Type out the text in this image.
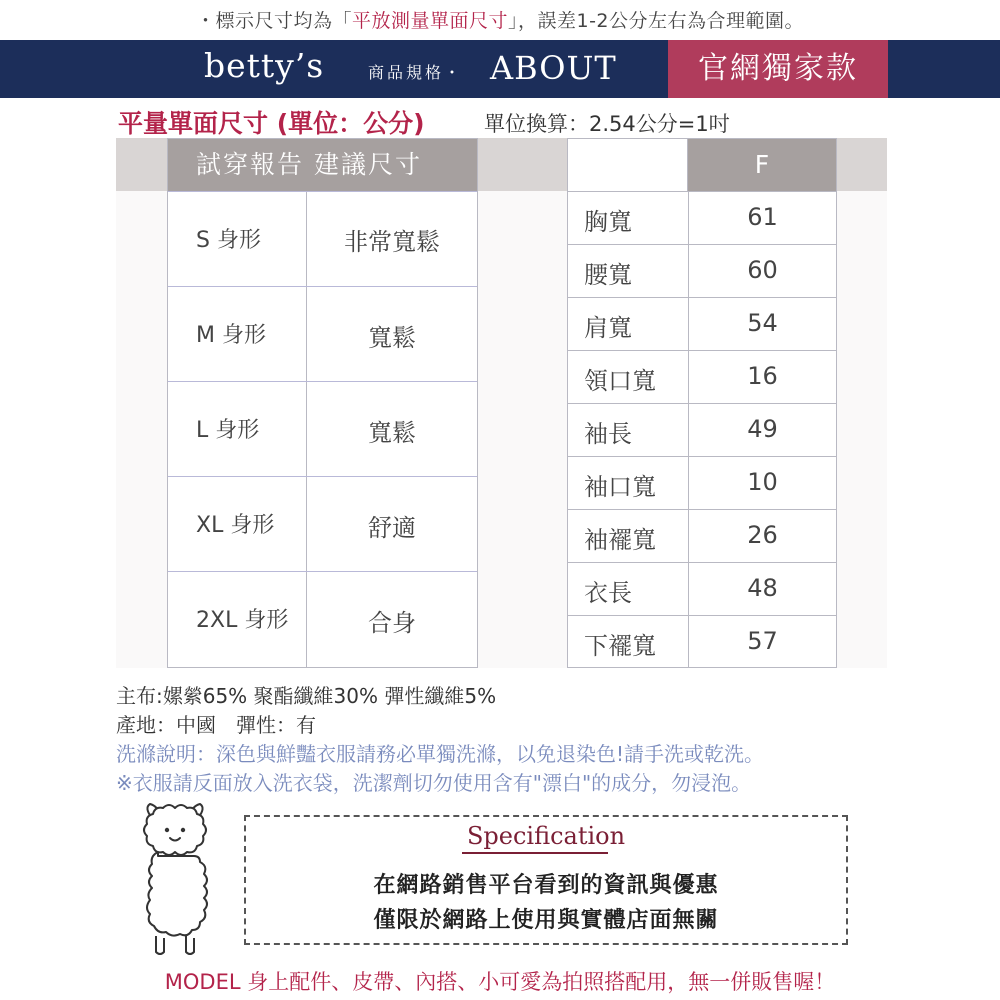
・標示尺寸均為「平放測量單面尺寸」，誤差1-2公分左右為合理範圍。
betty’s	商品規格・ ABOUT	官網獨家款
平量單面尺寸 (單位：公分)	單位換算：2.54公分=1吋
試穿報告 建議尺寸
S 身形	非常寬鬆
M 身形	寬鬆
L 身形	寬鬆
XL 身形	舒適
2XL 身形	合身
F
胸寬	61
腰寬	60
肩寬	54
領口寬	16
袖長	49
袖口寬	10
袖襬寬	26
衣長	48
下襬寬	57
主布:嫘縈65% 聚酯纖維30% 彈性纖維5%
產地：中國　彈性：有
洗滌說明：深色與鮮豔衣服請務必單獨洗滌，以免退染色!請手洗或乾洗。
※衣服請反面放入洗衣袋，洗潔劑切勿使用含有"漂白"的成分，勿浸泡。
Specification
在網路銷售平台看到的資訊與優惠
僅限於網路上使用與實體店面無關
MODEL 身上配件、皮帶、內搭、小可愛為拍照搭配用，無一併販售喔！
